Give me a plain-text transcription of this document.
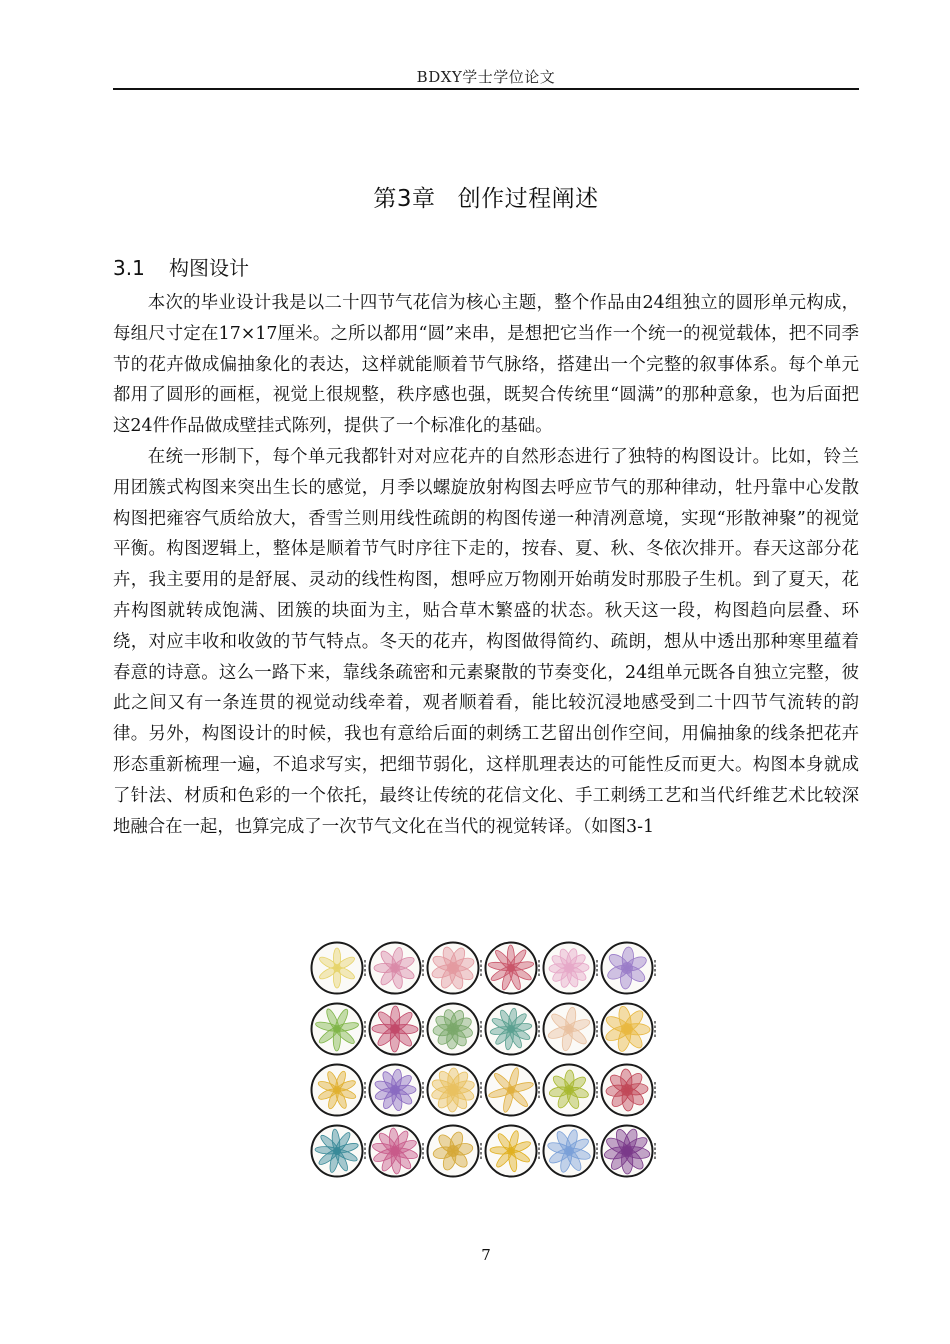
BDXY学士学位论文
第3章 创作过程阐述
3.1 构图设计

本次的毕业设计我是以二十四节气花信为核心主题，整个作品由24组独立的圆形单元构成，每组尺寸定在17×17厘米。之所以都用“圆”来串，是想把它当作一个统一的视觉载体，把不同季节的花卉做成偏抽象化的表达，这样就能顺着节气脉络，搭建出一个完整的叙事体系。每个单元都用了圆形的画框，视觉上很规整，秩序感也强，既契合传统里“圆满”的那种意象，也为后面把这24件作品做成壁挂式陈列，提供了一个标准化的基础。

在统一形制下，每个单元我都针对对应花卉的自然形态进行了独特的构图设计。比如，铃兰用团簇式构图来突出生长的感觉，月季以螺旋放射构图去呼应节气的那种律动，牡丹靠中心发散构图把雍容气质给放大，香雪兰则用线性疏朗的构图传递一种清冽意境，实现“形散神聚”的视觉平衡。构图逻辑上，整体是顺着节气时序往下走的，按春、夏、秋、冬依次排开。春天这部分花卉，我主要用的是舒展、灵动的线性构图，想呼应万物刚开始萌发时那股子生机。到了夏天，花卉构图就转成饱满、团簇的块面为主，贴合草木繁盛的状态。秋天这一段，构图趋向层叠、环绕，对应丰收和收敛的节气特点。冬天的花卉，构图做得简约、疏朗，想从中透出那种寒里蕴着春意的诗意。这么一路下来，靠线条疏密和元素聚散的节奏变化，24组单元既各自独立完整，彼此之间又有一条连贯的视觉动线牵着，观者顺着看，能比较沉浸地感受到二十四节气流转的韵律。另外，构图设计的时候，我也有意给后面的刺绣工艺留出创作空间，用偏抽象的线条把花卉形态重新梳理一遍，不追求写实，把细节弱化，这样肌理表达的可能性反而更大。构图本身就成了针法、材质和色彩的一个依托，最终让传统的花信文化、手工刺绣工艺和当代纤维艺术比较深地融合在一起，也算完成了一次节气文化在当代的视觉转译。（如图3-1

7
